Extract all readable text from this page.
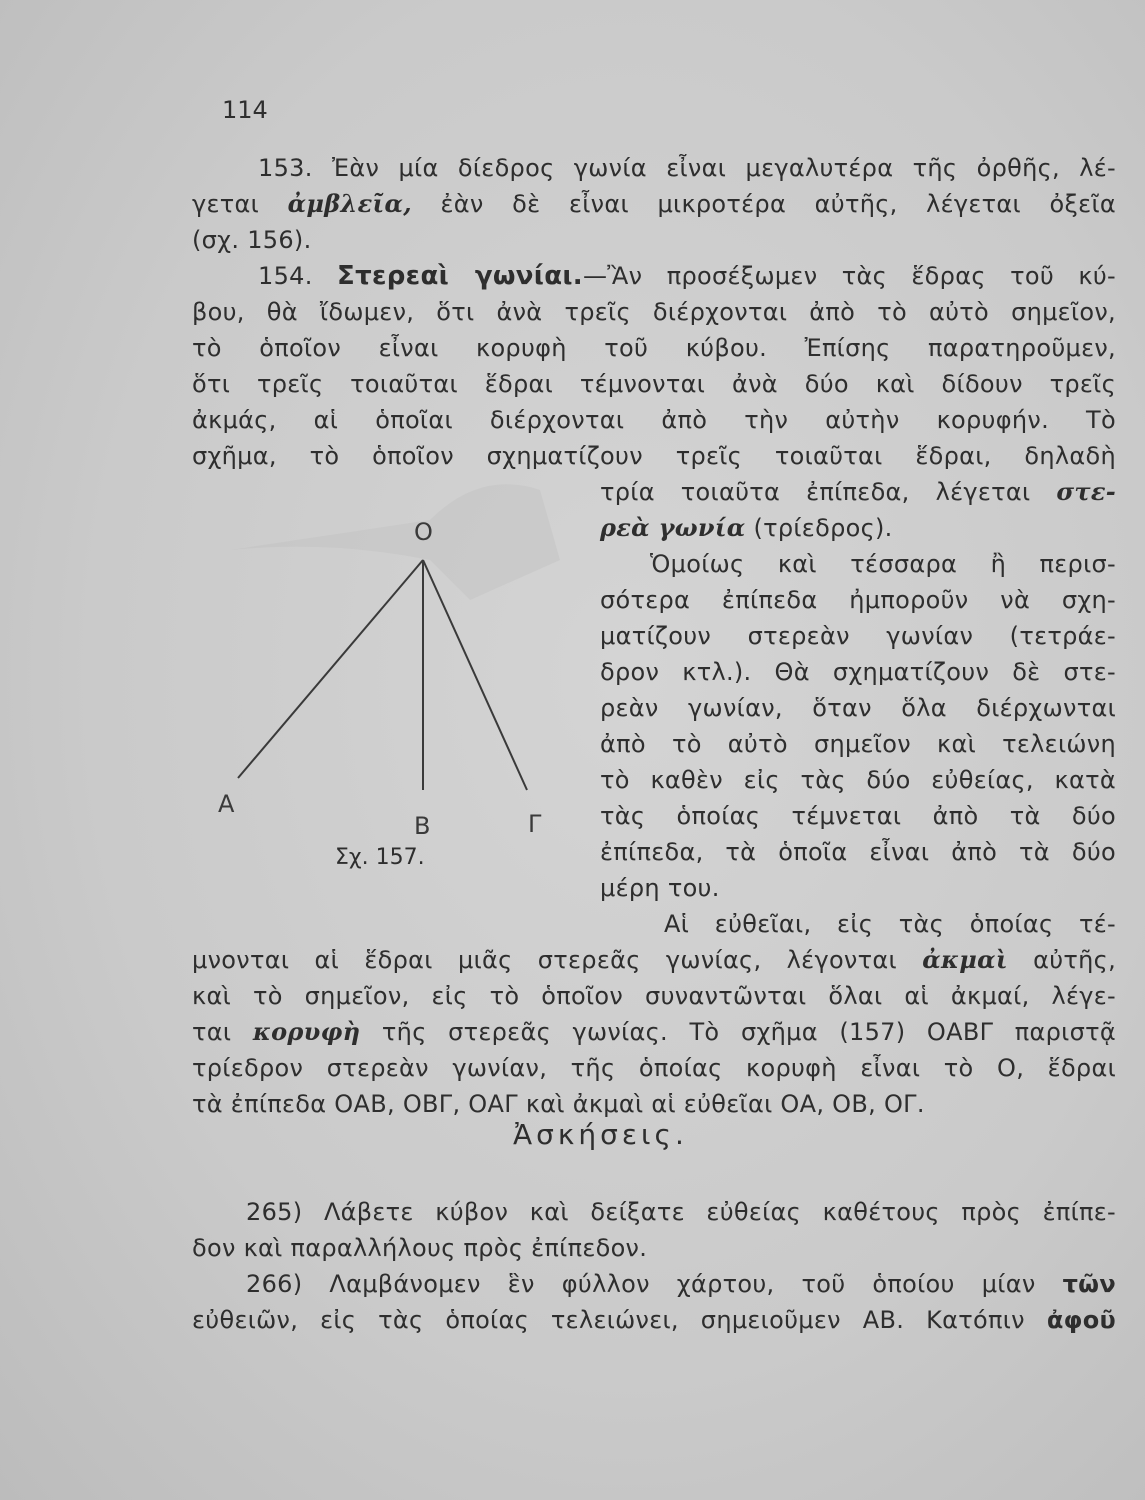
114
153. Ἐὰν μία δίεδρος γωνία εἶναι μεγαλυτέρα τῆς ὀρθῆς, λέ-
γεται ἀμβλεῖα, ἐὰν δὲ εἶναι μικροτέρα αὐτῆς, λέγεται ὀξεῖα
(σχ. 156).
154. Στερεαὶ γωνίαι.—Ἂν προσέξωμεν τὰς ἕδρας τοῦ κύ-
βου, θὰ ἴδωμεν, ὅτι ἀνὰ τρεῖς διέρχονται ἀπὸ τὸ αὐτὸ σημεῖον,
τὸ ὁποῖον εἶναι κορυφὴ τοῦ κύβου. Ἐπίσης παρατηροῦμεν,
ὅτι τρεῖς τοιαῦται ἕδραι τέμνονται ἀνὰ δύο καὶ δίδουν τρεῖς
ἀκμάς, αἱ ὁποῖαι διέρχονται ἀπὸ τὴν αὐτὴν κορυφήν. Τὸ
σχῆμα, τὸ ὁποῖον σχηματίζουν τρεῖς τοιαῦται ἕδραι, δηλαδὴ
τρία τοιαῦτα ἐπίπεδα, λέγεται στε-
ρεὰ γωνία (τρίεδρος).
Ὁμοίως καὶ τέσσαρα ἢ περισ-
σότερα ἐπίπεδα ἠμποροῦν νὰ σχη-
ματίζουν στερεὰν γωνίαν (τετράε-
δρον κτλ.). Θὰ σχηματίζουν δὲ στε-
ρεὰν γωνίαν, ὅταν ὅλα διέρχωνται
ἀπὸ τὸ αὐτὸ σημεῖον καὶ τελειώνη
τὸ καθὲν εἰς τὰς δύο εὐθείας, κατὰ
τὰς ὁποίας τέμνεται ἀπὸ τὰ δύο
ἐπίπεδα, τὰ ὁποῖα εἶναι ἀπὸ τὰ δύο
μέρη του.
Αἱ εὐθεῖαι, εἰς τὰς ὁποίας τέ-
μνονται αἱ ἕδραι μιᾶς στερεᾶς γωνίας, λέγονται ἀκμαὶ αὐτῆς,
καὶ τὸ σημεῖον, εἰς τὸ ὁποῖον συναντῶνται ὅλαι αἱ ἀκμαί, λέγε-
ται κορυφὴ τῆς στερεᾶς γωνίας. Τὸ σχῆμα (157) ΟΑΒΓ παριστᾷ
τρίεδρον στερεὰν γωνίαν, τῆς ὁποίας κορυφὴ εἶναι τὸ Ο, ἕδραι
τὰ ἐπίπεδα ΟΑΒ, ΟΒΓ, ΟΑΓ καὶ ἀκμαὶ αἱ εὐθεῖαι ΟΑ, ΟΒ, ΟΓ.
O
A
B	Γ
Σχ. 157.
Ἀσκήσεις.
265) Λάβετε κύβον καὶ δείξατε εὐθείας καθέτους πρὸς ἐπίπε-
δον καὶ παραλλήλους πρὸς ἐπίπεδον.
266) Λαμβάνομεν ἓν φύλλον χάρτου, τοῦ ὁποίου μίαν τῶν
εὐθειῶν, εἰς τὰς ὁποίας τελειώνει, σημειοῦμεν ΑΒ. Κατόπιν ἀφοῦ
